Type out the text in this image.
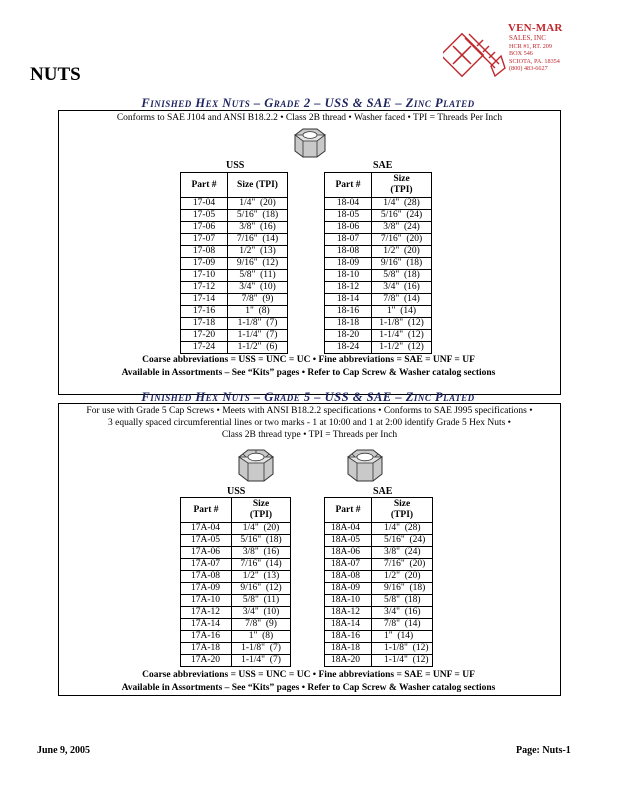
NUTS
VEN-MAR
SALES, INC
HCR #1, RT. 209
BOX 546
SCIOTA, PA. 18354
(800) 483-6627
Finished Hex Nuts – Grade 2 – USS & SAE – Zinc Plated
Conforms to SAE J104 and ANSI B18.2.2 • Class 2B thread • Washer faced • TPI = Threads Per Inch
USS	SAE
Part #	Size (TPI)
17-04	1/4"  (20)
17-05	5/16"  (18)
17-06	3/8"  (16)
17-07	7/16"  (14)
17-08	1/2"  (13)
17-09	9/16"  (12)
17-10	5/8"  (11)
17-12	3/4"  (10)
17-14	7/8"  (9)
17-16	1"  (8)
17-18	1-1/8"  (7)
17-20	1-1/4"  (7)
17-24	1-1/2"  (6)
Part #	Size
(TPI)
18-04	1/4"  (28)
18-05	5/16"  (24)
18-06	3/8"  (24)
18-07	7/16"  (20)
18-08	1/2"  (20)
18-09	9/16"  (18)
18-10	5/8"  (18)
18-12	3/4"  (16)
18-14	7/8"  (14)
18-16	1"  (14)
18-18	1-1/8"  (12)
18-20	1-1/4"  (12)
18-24	1-1/2"  (12)
Coarse abbreviations = USS = UNC = UC • Fine abbreviations = SAE = UNF = UF
Available in Assortments – See “Kits” pages • Refer to Cap Screw & Washer catalog sections
Finished Hex Nuts – Grade 5 – USS & SAE – Zinc Plated
For use with Grade 5 Cap Screws • Meets with ANSI B18.2.2 specifications • Conforms to SAE J995 specifications •
3 equally spaced circumferential lines or two marks - 1 at 10:00 and 1 at 2:00 identify Grade 5 Hex Nuts •
Class 2B thread type • TPI = Threads per Inch
USS	SAE
Part #	Size
(TPI)
17A-04	1/4"  (20)
17A-05	5/16"  (18)
17A-06	3/8"  (16)
17A-07	7/16"  (14)
17A-08	1/2"  (13)
17A-09	9/16"  (12)
17A-10	5/8"  (11)
17A-12	3/4"  (10)
17A-14	7/8"  (9)
17A-16	1"  (8)
17A-18	1-1/8"  (7)
17A-20	1-1/4"  (7)
Part #	Size
(TPI)
18A-04	1/4"  (28)
18A-05	5/16"  (24)
18A-06	3/8"  (24)
18A-07	7/16"  (20)
18A-08	1/2"  (20)
18A-09	9/16"  (18)
18A-10	5/8"  (18)
18A-12	3/4"  (16)
18A-14	7/8"  (14)
18A-16	1"  (14)
18A-18	1-1/8"  (12)
18A-20	1-1/4"  (12)
Coarse abbreviations = USS = UNC = UC • Fine abbreviations = SAE = UNF = UF
Available in Assortments – See “Kits” pages • Refer to Cap Screw & Washer catalog sections
June 9, 2005	Page: Nuts-1
